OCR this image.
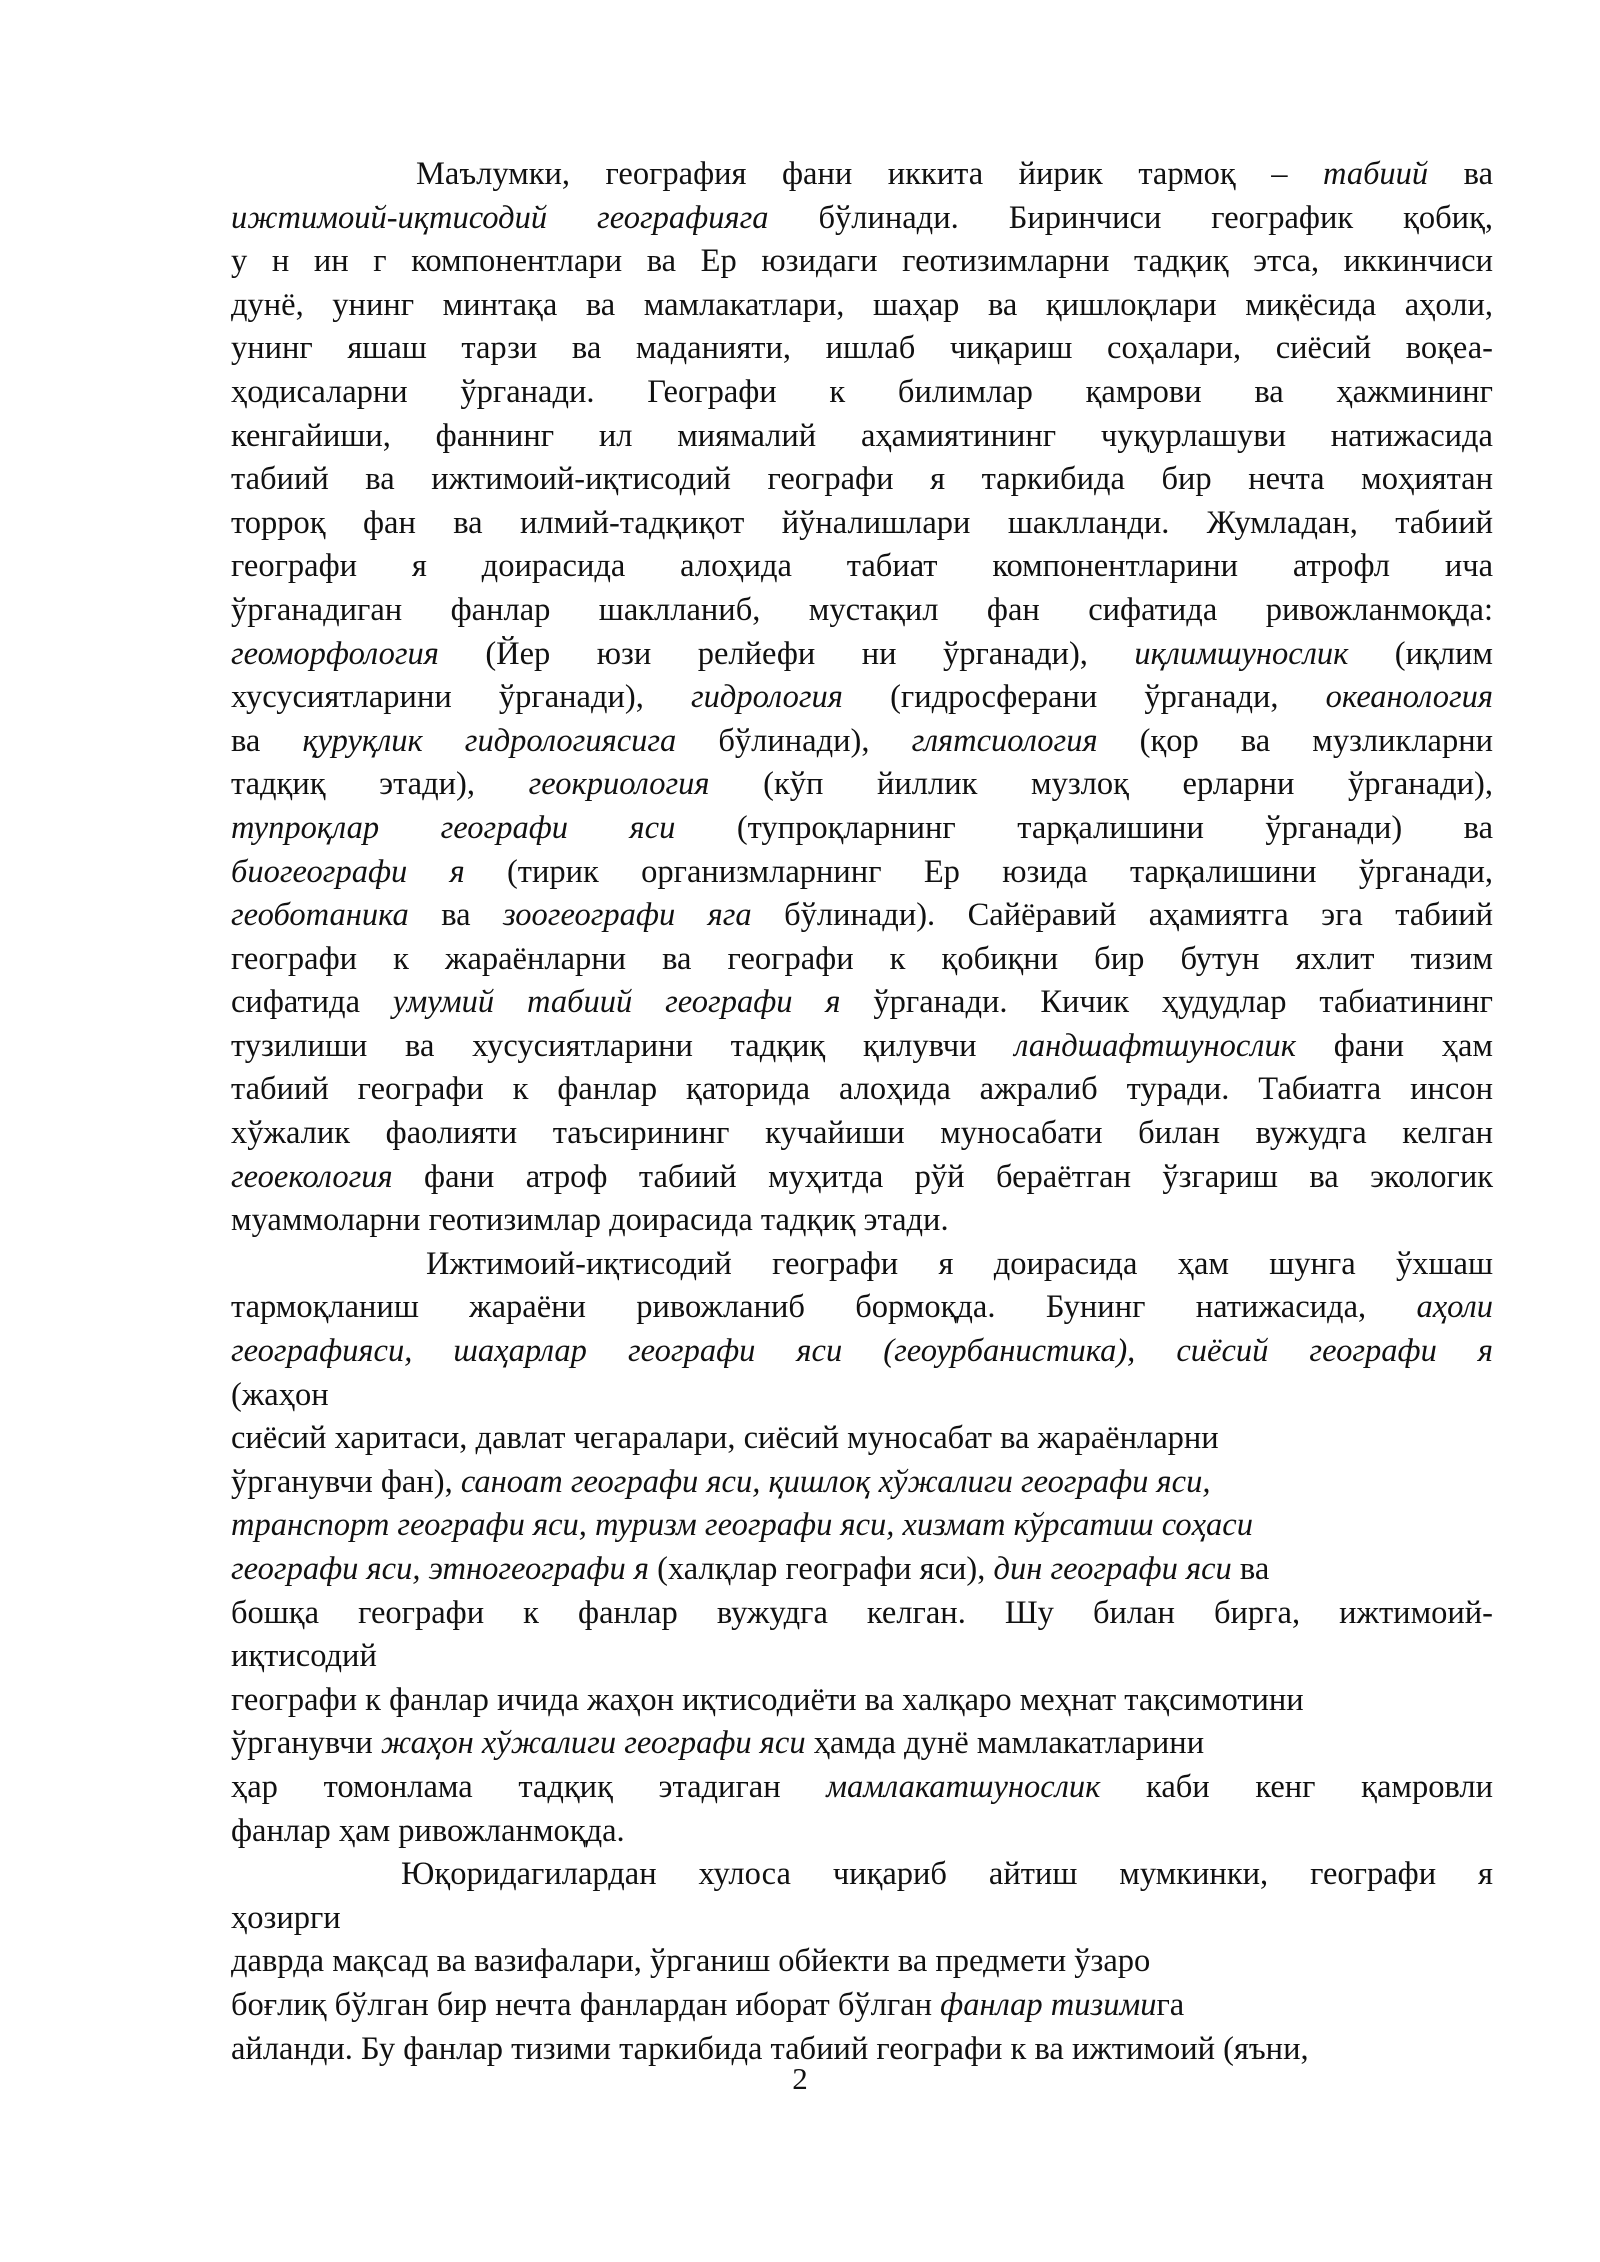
Маълумки, география фани иккита йирик тармоқ – табиий ва
ижтимоий-иқтисодий географияга бўлинади. Биринчиси географик қобиқ,
у н ин г компонентлари ва Ер юзидаги геотизимларни тадқиқ этса, иккинчиси
дунё, унинг минтақа ва мамлакатлари, шаҳар ва қишлоқлари миқёсида аҳоли,
унинг яшаш тарзи ва маданияти, ишлаб чиқариш соҳалари, сиёсий воқеа-
ҳодисаларни ўрганади. Географи к билимлар қамрови ва ҳажмининг
кенгайиши, фаннинг ил миямалий аҳамиятининг чуқурлашуви натижасида
табиий ва ижтимоий-иқтисодий географи я таркибида бир нечта моҳиятан
торроқ фан ва илмий-тадқиқот йўналишлари шаклланди. Жумладан, табиий
географи я доирасида алоҳида табиат компонентларини атрофл ича
ўрганадиган фанлар шаклланиб, мустақил фан сифатида ривожланмоқда:
геоморфология (Йер юзи релйефи ни ўрганади), иқлимшунослик (иқлим
хусусиятларини ўрганади), гидрология (гидросферани ўрганади, океанология
ва қуруқлик гидрологиясига бўлинади), глятсиология (қор ва музликларни
тадқиқ этади), геокриология (кўп йиллик музлоқ ерларни ўрганади),
тупроқлар географи яси (тупроқларнинг тарқалишини ўрганади) ва
биогеографи я (тирик организмларнинг Ер юзида тарқалишини ўрганади,
геоботаника ва зоогеографи яга бўлинади). Сайёравий аҳамиятга эга табиий
географи к жараёнларни ва географи к қобиқни бир бутун яхлит тизим
сифатида умумий табиий географи я ўрганади. Кичик ҳудудлар табиатининг
тузилиши ва хусусиятларини тадқиқ қилувчи ландшафтшунослик фани ҳам
табиий географи к фанлар қаторида алоҳида ажралиб туради. Табиатга инсон
хўжалик фаолияти таъсирининг кучайиши муносабати билан вужудга келган
геоекология фани атроф табиий муҳитда рўй бераётган ўзгариш ва экологик
муаммоларни геотизимлар доирасида тадқиқ этади.
Ижтимоий-иқтисодий географи я доирасида ҳам шунга ўхшаш
тармоқланиш жараёни ривожланиб бормоқда. Бунинг натижасида, аҳоли
географияси, шаҳарлар географи яси (геоурбанистика), сиёсий географи я
(жаҳон
сиёсий харитаси, давлат чегаралари, сиёсий муносабат ва жараёнларни
ўрганувчи фан), саноат географи яси, қишлоқ хўжалиги географи яси,
транспорт географи яси, туризм географи яси, хизмат кўрсатиш соҳаси
географи яси, этногеографи я (халқлар географи яси), дин географи яси ва
бошқа географи к фанлар вужудга келган. Шу билан бирга, ижтимоий-
иқтисодий
географи к фанлар ичида жаҳон иқтисодиёти ва халқаро меҳнат тақсимотини
ўрганувчи жаҳон хўжалиги географи яси ҳамда дунё мамлакатларини
ҳар томонлама тадқиқ этадиган мамлакатшунослик каби кенг қамровли
фанлар ҳам ривожланмоқда.
Юқоридагилардан хулоса чиқариб айтиш мумкинки, географи я
ҳозирги
даврда мақсад ва вазифалари, ўрганиш обйекти ва предмети ўзаро
боғлиқ бўлган бир нечта фанлардан иборат бўлган фанлар тизимига
айланди. Бу фанлар тизими таркибида табиий географи к ва ижтимоий (яъни,
2
